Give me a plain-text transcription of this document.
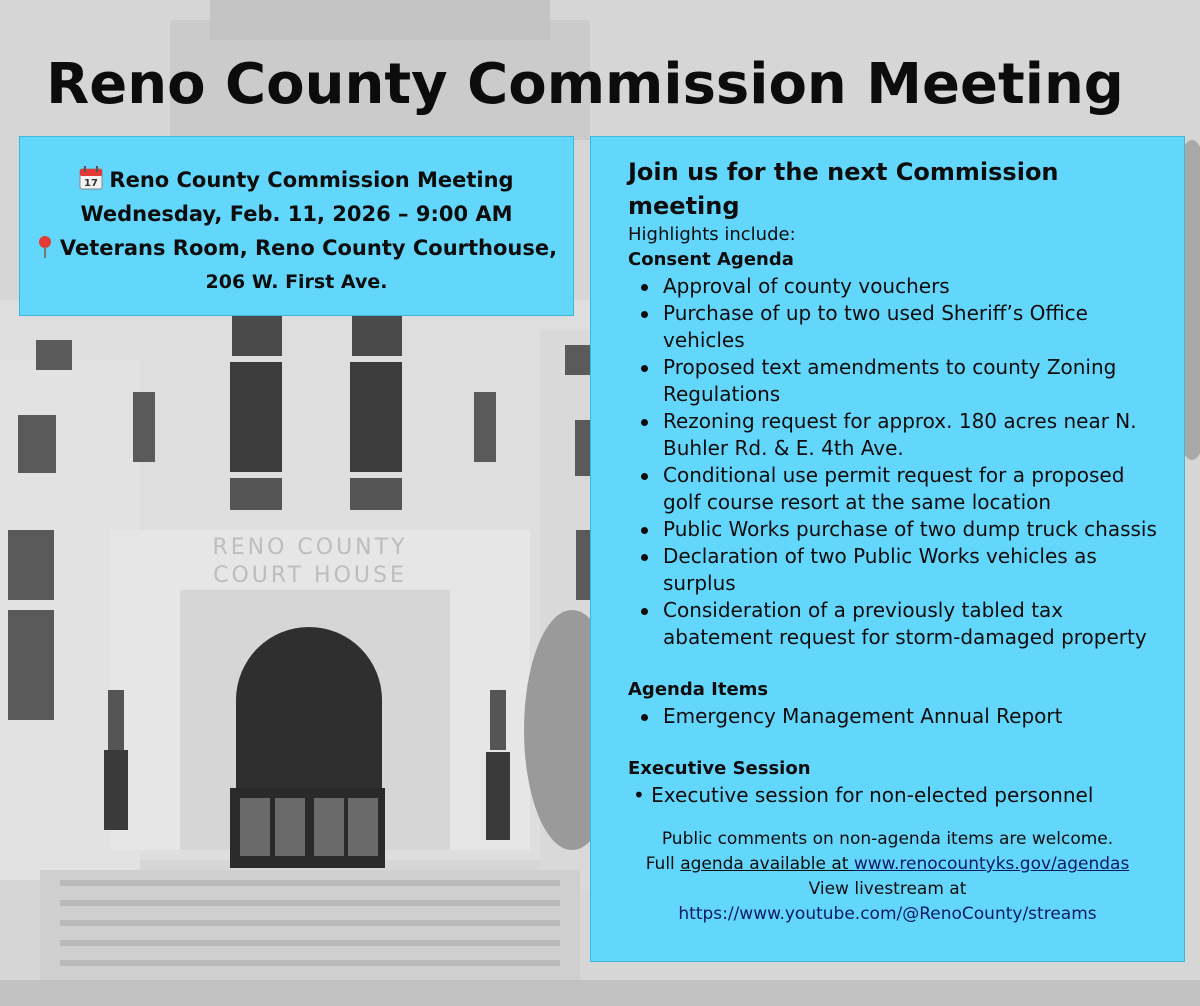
RENO COUNTY
COURT HOUSE
Reno County Commission Meeting
17 Reno County Commission Meeting
Wednesday, Feb. 11, 2026 – 9:00 AM
Veterans Room, Reno County Courthouse,
206 W. First Ave.
Join us for the next Commission meeting
Highlights include:
Consent Agenda
Approval of county vouchers
Purchase of up to two used Sheriff’s Office vehicles
Proposed text amendments to county Zoning Regulations
Rezoning request for approx. 180 acres near N. Buhler Rd. & E. 4th Ave.
Conditional use permit request for a proposed golf course resort at the same location
Public Works purchase of two dump truck chassis
Declaration of two Public Works vehicles as surplus
Consideration of a previously tabled tax abatement request for storm-damaged property
Agenda Items
Emergency Management Annual Report
Executive Session
• Executive session for non-elected personnel
Public comments on non-agenda items are welcome.
Full agenda available at www.renocountyks.gov/agendas
View livestream at
https://www.youtube.com/@RenoCounty/streams
